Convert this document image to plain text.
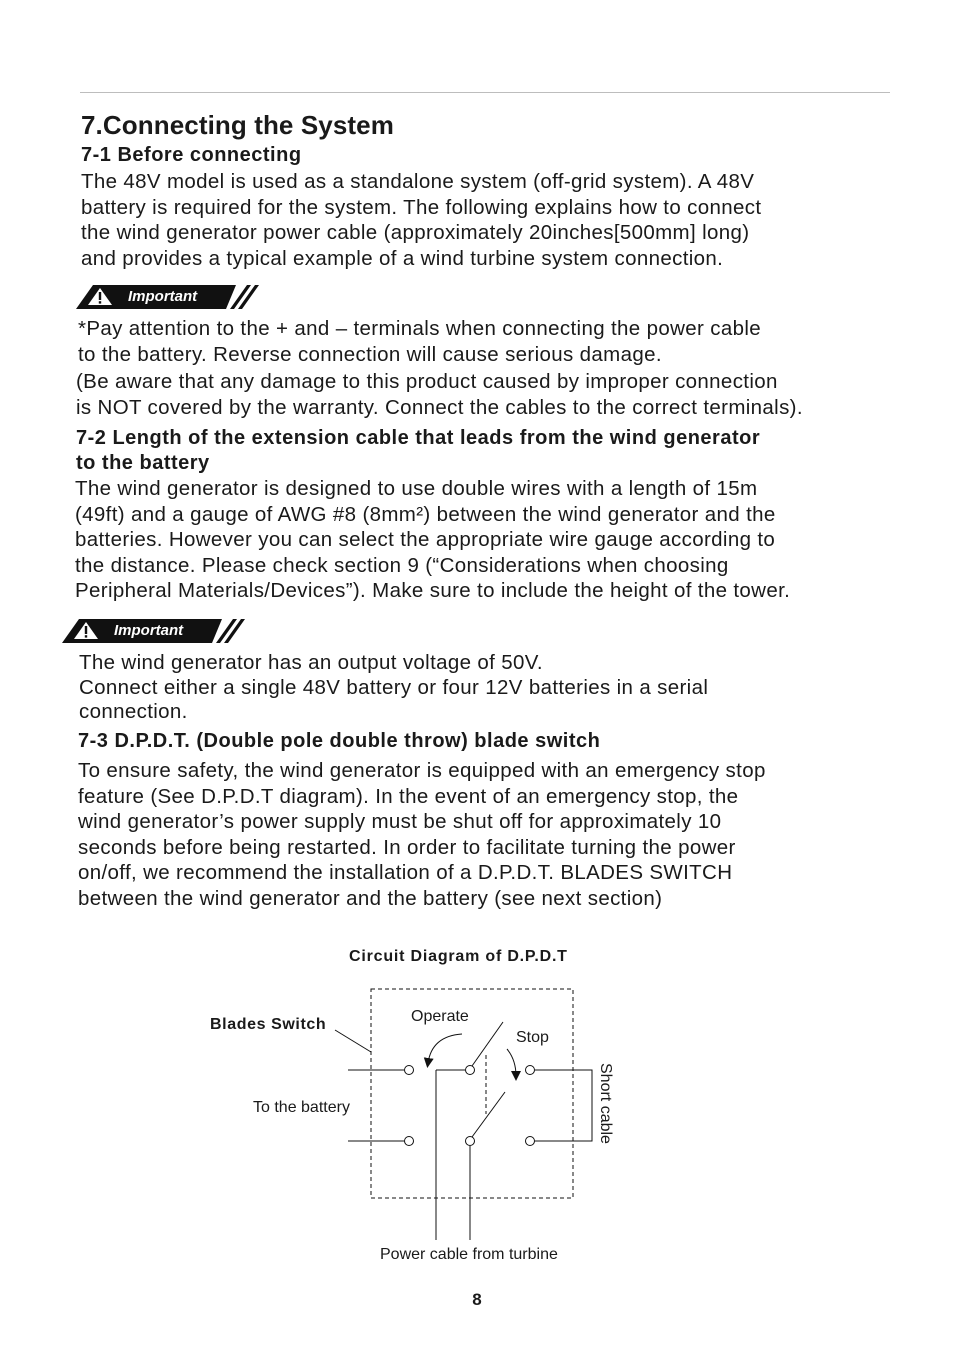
7.Connecting the System
7-1 Before connecting
The 48V model is used as a standalone system (off-grid system). A 48V
battery is required for the system. The following explains how to connect
the wind generator power cable (approximately 20inches[500mm] long)
and provides a typical example of a wind turbine system connection.
Important
*Pay attention to the + and – terminals when connecting the power cable
to the battery. Reverse connection will cause serious damage.
(Be aware that any damage to this product caused by improper connection
is NOT covered by the warranty. Connect the cables to the correct terminals).
7-2 Length of the extension cable that leads from the wind generator
to the battery
The wind generator is designed to use double wires with a length of 15m
(49ft) and a gauge of AWG #8 (8mm²) between the wind generator and the
batteries. However you can select the appropriate wire gauge according to
the distance. Please check section 9 (“Considerations when choosing
Peripheral Materials/Devices”). Make sure to include the height of the tower.
Important
The wind generator has an output voltage of 50V.
Connect either a single 48V battery or four 12V batteries in a serial
connection.
7-3 D.P.D.T. (Double pole double throw) blade switch
To ensure safety, the wind generator is equipped with an emergency stop
feature (See D.P.D.T diagram). In the event of an emergency stop, the
wind generator’s power supply must be shut off for approximately 10
seconds before being restarted. In order to facilitate turning the power
on/off, we recommend the installation of a D.P.D.T. BLADES SWITCH
between the wind generator and the battery (see next section)
Circuit Diagram of D.P.D.T
Blades Switch	Operate
Stop
To the battery	Short cable
Power cable from turbine
8
